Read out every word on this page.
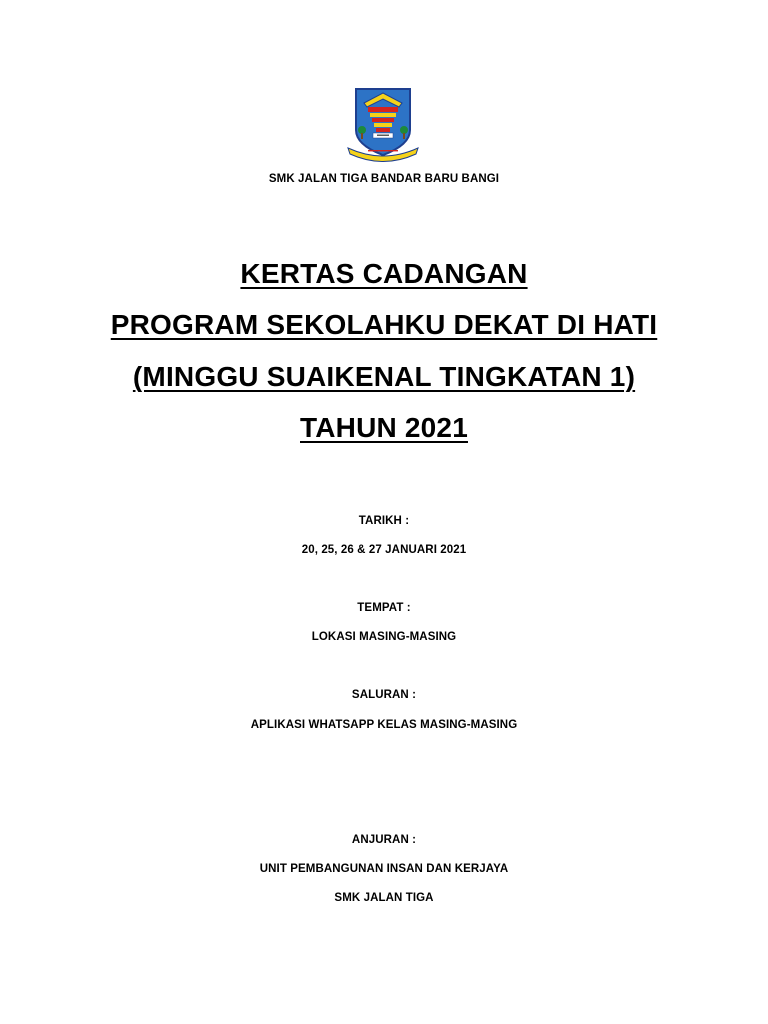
SMK JALAN TIGA BANDAR BARU BANGI
KERTAS CADANGAN
PROGRAM SEKOLAHKU DEKAT DI HATI
(MINGGU SUAIKENAL TINGKATAN 1)
TAHUN 2021
TARIKH :
20, 25, 26 & 27 JANUARI 2021
TEMPAT :
LOKASI MASING-MASING
SALURAN :
APLIKASI WHATSAPP KELAS MASING-MASING
ANJURAN :
UNIT PEMBANGUNAN INSAN DAN KERJAYA
SMK JALAN TIGA
